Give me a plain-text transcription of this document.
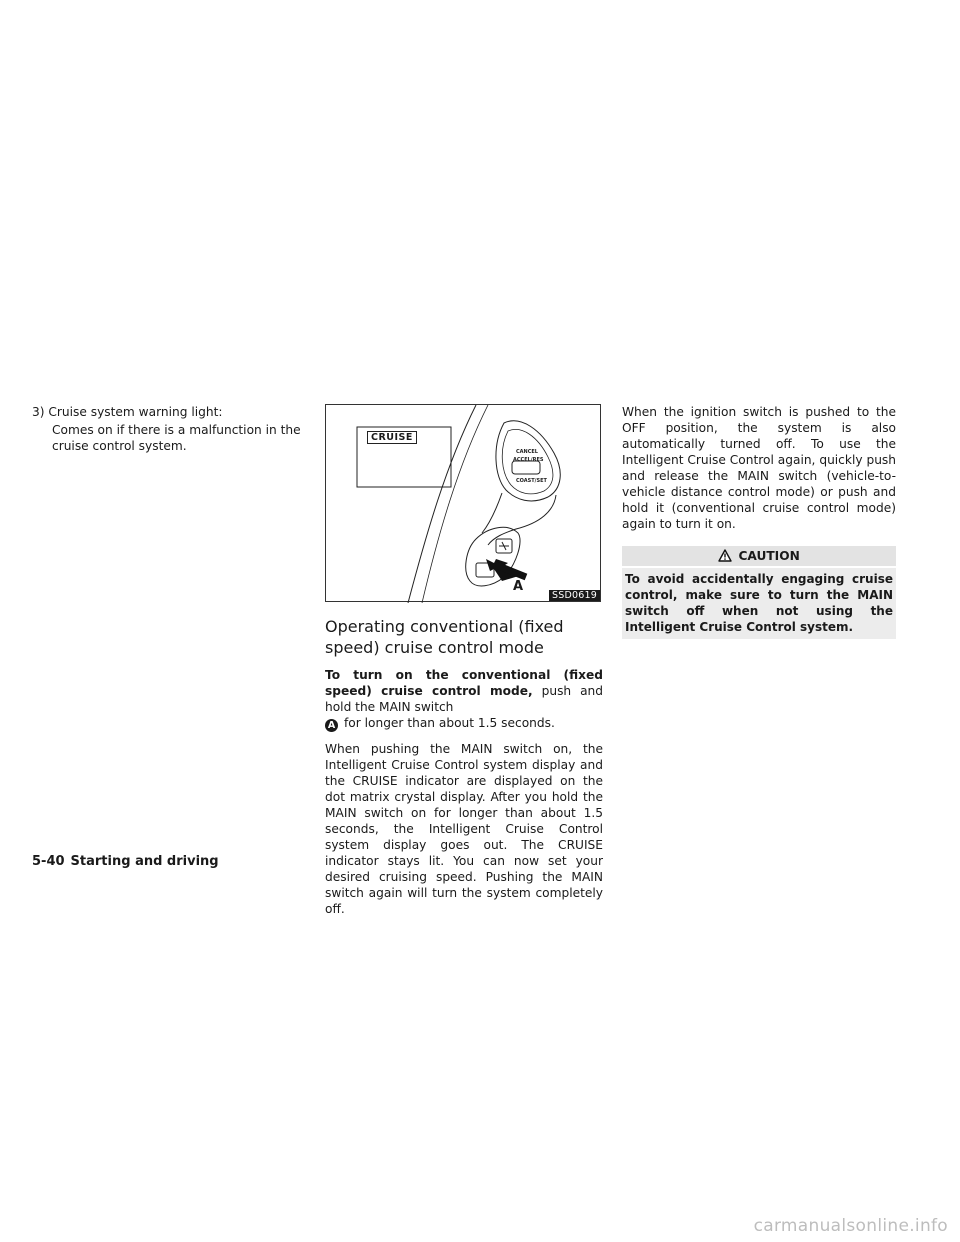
3) Cruise system warning light:

Comes on if there is a malfunction in the cruise control system.

CRUISE
CANCEL
ACCEL/RES
COAST/SET
A
SSD0619
Operating conventional (fixed speed) cruise control mode

To turn on the conventional (fixed speed) cruise control mode, push and hold the MAIN switch
A for longer than about 1.5 seconds.

When pushing the MAIN switch on, the Intelligent Cruise Control system display and the CRUISE indicator are displayed on the dot matrix crystal display. After you hold the MAIN switch on for longer than about 1.5 seconds, the Intelligent Cruise Control system display goes out. The CRUISE indicator stays lit. You can now set your desired cruising speed. Pushing the MAIN switch again will turn the system completely off.

When the ignition switch is pushed to the OFF position, the system is also automatically turned off. To use the Intelligent Cruise Control again, quickly push and release the MAIN switch (vehicle-to-vehicle distance control mode) or push and hold it (conventional cruise control mode) again to turn it on.

CAUTION
To avoid accidentally engaging cruise control, make sure to turn the MAIN switch off when not using the Intelligent Cruise Control system.
5-40 Starting and driving
carmanualsonline.info
